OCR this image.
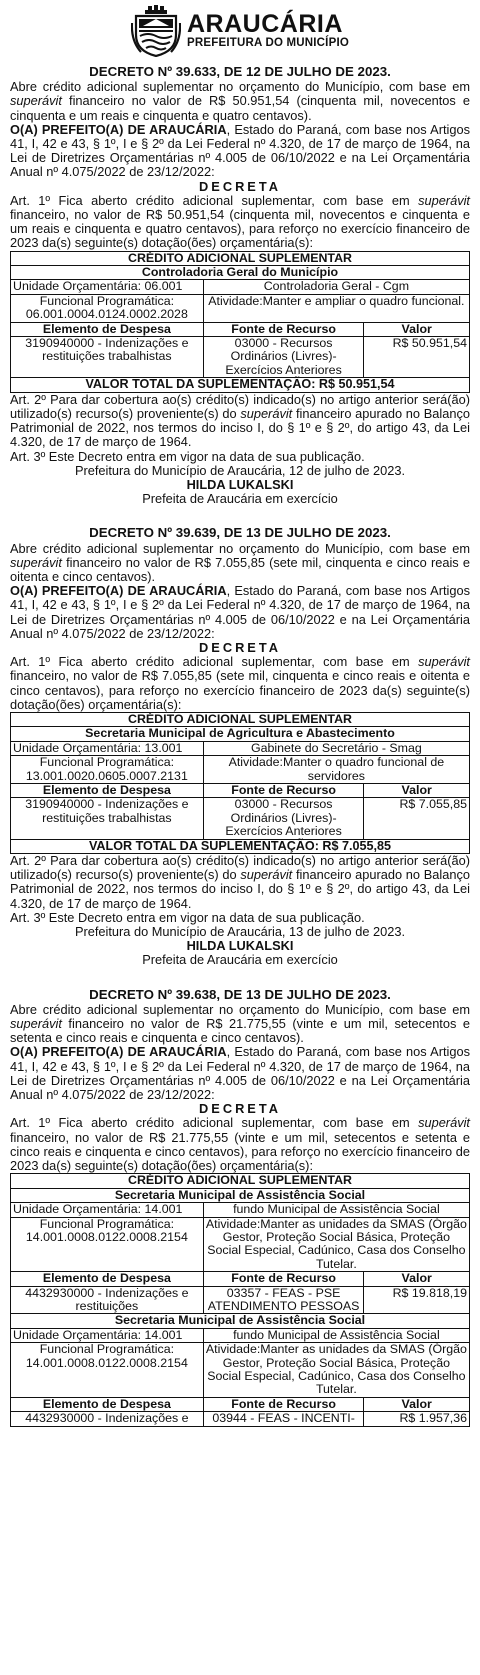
ARAUCÁRIA
PREFEITURA DO MUNICÍPIO
DECRETO Nº 39.633, DE 12 DE JULHO DE 2023.
Abre crédito adicional suplementar no orçamento do Município, com base em superávit financeiro no valor de R$ 50.951,54 (cinquenta mil, novecentos e cinquenta e um reais e cinquenta e quatro centavos).
O(A) PREFEITO(A) DE ARAUCÁRIA, Estado do Paraná, com base nos Artigos 41, I, 42 e 43, § 1º, I e § 2º da Lei Federal nº 4.320, de 17 de março de 1964, na Lei de Diretrizes Orçamentárias nº 4.005 de 06/10/2022 e na Lei Orçamentária Anual nº 4.075/2022 de 23/12/2022:
DECRETA
Art. 1º Fica aberto crédito adicional suplementar, com base em superávit financeiro, no valor de R$ 50.951,54 (cinquenta mil, novecentos e cinquenta e um reais e cinquenta e quatro centavos), para reforço no exercício financeiro de 2023 da(s) seguinte(s) dotação(ões) orçamentária(s):
CRÉDITO ADICIONAL SUPLEMENTAR		
Controladoria Geral do Município		
Unidade Orçamentária: 06.001	Controladoria Geral - Cgm	

Funcional Programática:
06.001.0004.0124.0002.2028	Atividade:Manter e ampliar o quadro funcional.	
Elemento de Despesa	Fonte de Recurso	Valor
3190940000 - Indenizações e restituições trabalhistas	03000 - Recursos Ordinários (Livres)- Exercícios Anteriores	R$ 50.951,54
VALOR TOTAL DA SUPLEMENTAÇÃO: R$ 50.951,54		
Art. 2º Para dar cobertura ao(s) crédito(s) indicado(s) no artigo anterior será(ão) utilizado(s) recurso(s) proveniente(s) do superávit financeiro apurado no Balanço Patrimonial de 2022, nos termos do inciso I, do § 1º e § 2º, do artigo 43, da Lei 4.320, de 17 de março de 1964.
Art. 3º Este Decreto entra em vigor na data de sua publicação.
Prefeitura do Município de Araucária, 12 de julho de 2023.
HILDA LUKALSKI
Prefeita de Araucária em exercício
DECRETO Nº 39.639, DE 13 DE JULHO DE 2023.
Abre crédito adicional suplementar no orçamento do Município, com base em superávit financeiro no valor de R$ 7.055,85 (sete mil, cinquenta e cinco reais e oitenta e cinco centavos).
O(A) PREFEITO(A) DE ARAUCÁRIA, Estado do Paraná, com base nos Artigos 41, I, 42 e 43, § 1º, I e § 2º da Lei Federal nº 4.320, de 17 de março de 1964, na Lei de Diretrizes Orçamentárias nº 4.005 de 06/10/2022 e na Lei Orçamentária Anual nº 4.075/2022 de 23/12/2022:
DECRETA
Art. 1º Fica aberto crédito adicional suplementar, com base em superávit financeiro, no valor de R$ 7.055,85 (sete mil, cinquenta e cinco reais e oitenta e cinco centavos), para reforço no exercício financeiro de 2023 da(s) seguinte(s) dotação(ões) orçamentária(s):
CRÉDITO ADICIONAL SUPLEMENTAR		
Secretaria Municipal de Agricultura e Abastecimento		
Unidade Orçamentária: 13.001	Gabinete do Secretário - Smag	

Funcional Programática:
13.001.0020.0605.0007.2131	Atividade:Manter o quadro funcional de servidores	
Elemento de Despesa	Fonte de Recurso	Valor
3190940000 - Indenizações e restituições trabalhistas	03000 - Recursos Ordinários (Livres)- Exercícios Anteriores	R$ 7.055,85
VALOR TOTAL DA SUPLEMENTAÇÃO: R$ 7.055,85		
Art. 2º Para dar cobertura ao(s) crédito(s) indicado(s) no artigo anterior será(ão) utilizado(s) recurso(s) proveniente(s) do superávit financeiro apurado no Balanço Patrimonial de 2022, nos termos do inciso I, do § 1º e § 2º, do artigo 43, da Lei 4.320, de 17 de março de 1964.
Art. 3º Este Decreto entra em vigor na data de sua publicação.
Prefeitura do Município de Araucária, 13 de julho de 2023.
HILDA LUKALSKI
Prefeita de Araucária em exercício
DECRETO Nº 39.638, DE 13 DE JULHO DE 2023.
Abre crédito adicional suplementar no orçamento do Município, com base em superávit financeiro no valor de R$ 21.775,55 (vinte e um mil, setecentos e setenta e cinco reais e cinquenta e cinco centavos).
O(A) PREFEITO(A) DE ARAUCÁRIA, Estado do Paraná, com base nos Artigos 41, I, 42 e 43, § 1º, I e § 2º da Lei Federal nº 4.320, de 17 de março de 1964, na Lei de Diretrizes Orçamentárias nº 4.005 de 06/10/2022 e na Lei Orçamentária Anual nº 4.075/2022 de 23/12/2022:
DECRETA
Art. 1º Fica aberto crédito adicional suplementar, com base em superávit financeiro, no valor de R$ 21.775,55 (vinte e um mil, setecentos e setenta e cinco reais e cinquenta e cinco centavos), para reforço no exercício financeiro de 2023 da(s) seguinte(s) dotação(ões) orçamentária(s):
CRÉDITO ADICIONAL SUPLEMENTAR		
Secretaria Municipal de Assistência Social		
Unidade Orçamentária: 14.001	fundo Municipal de Assistência Social	

Funcional Programática:
14.001.0008.0122.0008.2154	Atividade:Manter as unidades da SMAS (Órgão Gestor, Proteção Social Básica, Proteção Social Especial, Cadúnico, Casa dos Conselho Tutelar.	
Elemento de Despesa	Fonte de Recurso	Valor
4432930000 - Indenizações e restituições	03357 - FEAS - PSE ATENDIMENTO PESSOAS	R$ 19.818,19
Secretaria Municipal de Assistência Social		
Unidade Orçamentária: 14.001	fundo Municipal de Assistência Social	

Funcional Programática:
14.001.0008.0122.0008.2154	Atividade:Manter as unidades da SMAS (Órgão Gestor, Proteção Social Básica, Proteção Social Especial, Cadúnico, Casa dos Conselho Tutelar.	
Elemento de Despesa	Fonte de Recurso	Valor
4432930000 - Indenizações e	03944 - FEAS - INCENTI-	R$ 1.957,36
